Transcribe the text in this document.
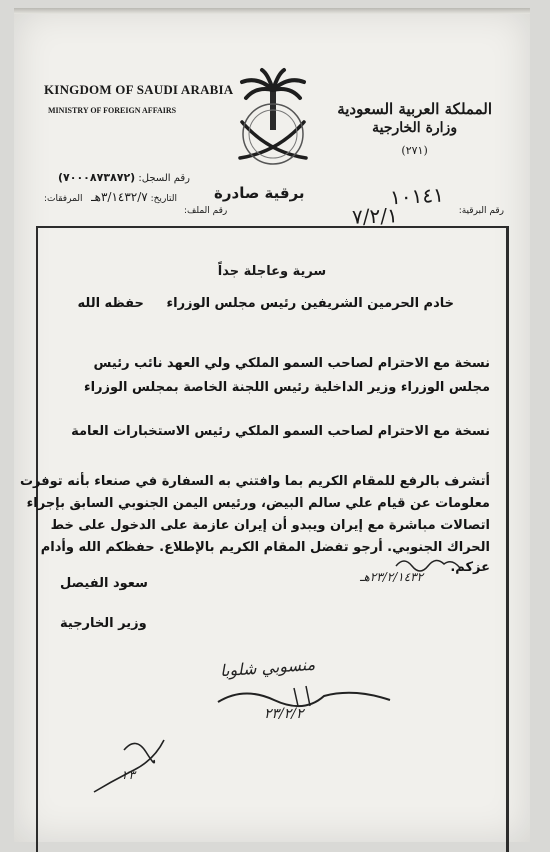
KINGDOM OF SAUDI ARABIA
MINISTRY OF FOREIGN AFFAIRS	المملكة العربية السعودية
وزارة الخارجية
(٢٧١)
رقم السجل: (٧٠٠٠٨٧٣٨٧٢)
برقية صادرة	١٠١٤١
التاريخ: ٣/١٤٣٢/٧هـ   المرفقات:
رقم الملف:	٧/٢/١	رقم البرقية:
سرية وعاجلة جداً
خادم الحرمين الشريفين رئيس مجلس الوزراء     حفظه الله
نسخة مع الاحترام لصاحب السمو الملكي ولي العهد نائب رئيس
مجلس الوزراء وزير الداخلية رئيس اللجنة الخاصة بمجلس الوزراء
نسخة مع الاحترام لصاحب السمو الملكي رئيس الاستخبارات العامة
أتشرف بالرفع للمقام الكريم بما وافتني به السفارة في صنعاء بأنه توفرت
معلومات عن قيام علي سالم البيض، ورئيس اليمن الجنوبي السابق بإجراء
اتصالات مباشرة مع إيران ويبدو أن إيران عازمة على الدخول على خط
الحراك الجنوبي. أرجو تفضل المقام الكريم بالإطلاع. حفظكم الله وأدام عزكم.
سعود الفيصل
وزير الخارجية
٢٣/٢/١٤٣٢هـ
منسوبي شلوبا
٢٣/٢/٢
٢٣
